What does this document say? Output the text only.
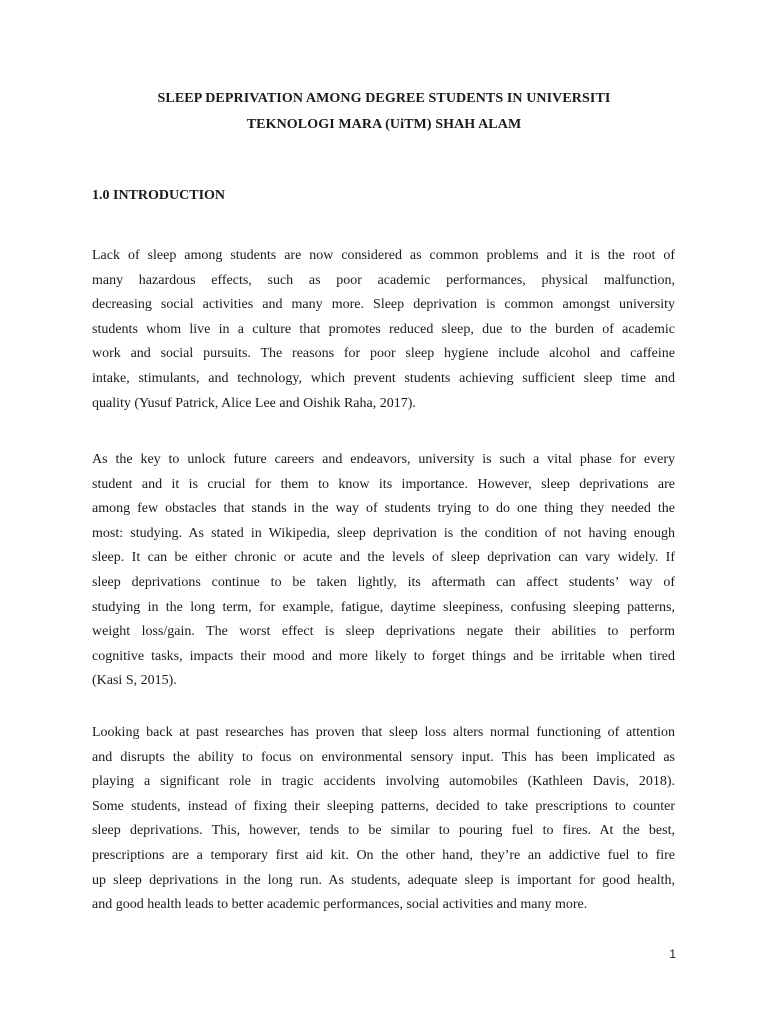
SLEEP DEPRIVATION AMONG DEGREE STUDENTS IN UNIVERSITI
TEKNOLOGI MARA (UiTM) SHAH ALAM
1.0 INTRODUCTION
Lack of sleep among students are now considered as common problems and it is the root of
many hazardous effects, such as poor academic performances, physical malfunction,
decreasing social activities and many more. Sleep deprivation is common amongst university
students whom live in a culture that promotes reduced sleep, due to the burden of academic
work and social pursuits. The reasons for poor sleep hygiene include alcohol and caffeine
intake, stimulants, and technology, which prevent students achieving sufficient sleep time and
quality (Yusuf Patrick, Alice Lee and Oishik Raha, 2017).
As the key to unlock future careers and endeavors, university is such a vital phase for every
student and it is crucial for them to know its importance. However, sleep deprivations are
among few obstacles that stands in the way of students trying to do one thing they needed the
most: studying. As stated in Wikipedia, sleep deprivation is the condition of not having enough
sleep. It can be either chronic or acute and the levels of sleep deprivation can vary widely. If
sleep deprivations continue to be taken lightly, its aftermath can affect students’ way of
studying in the long term, for example, fatigue, daytime sleepiness, confusing sleeping patterns,
weight loss/gain. The worst effect is sleep deprivations negate their abilities to perform
cognitive tasks, impacts their mood and more likely to forget things and be irritable when tired
(Kasi S, 2015).
Looking back at past researches has proven that sleep loss alters normal functioning of attention
and disrupts the ability to focus on environmental sensory input. This has been implicated as
playing a significant role in tragic accidents involving automobiles (Kathleen Davis, 2018).
Some students, instead of fixing their sleeping patterns, decided to take prescriptions to counter
sleep deprivations. This, however, tends to be similar to pouring fuel to fires. At the best,
prescriptions are a temporary first aid kit. On the other hand, they’re an addictive fuel to fire
up sleep deprivations in the long run. As students, adequate sleep is important for good health,
and good health leads to better academic performances, social activities and many more.
1
